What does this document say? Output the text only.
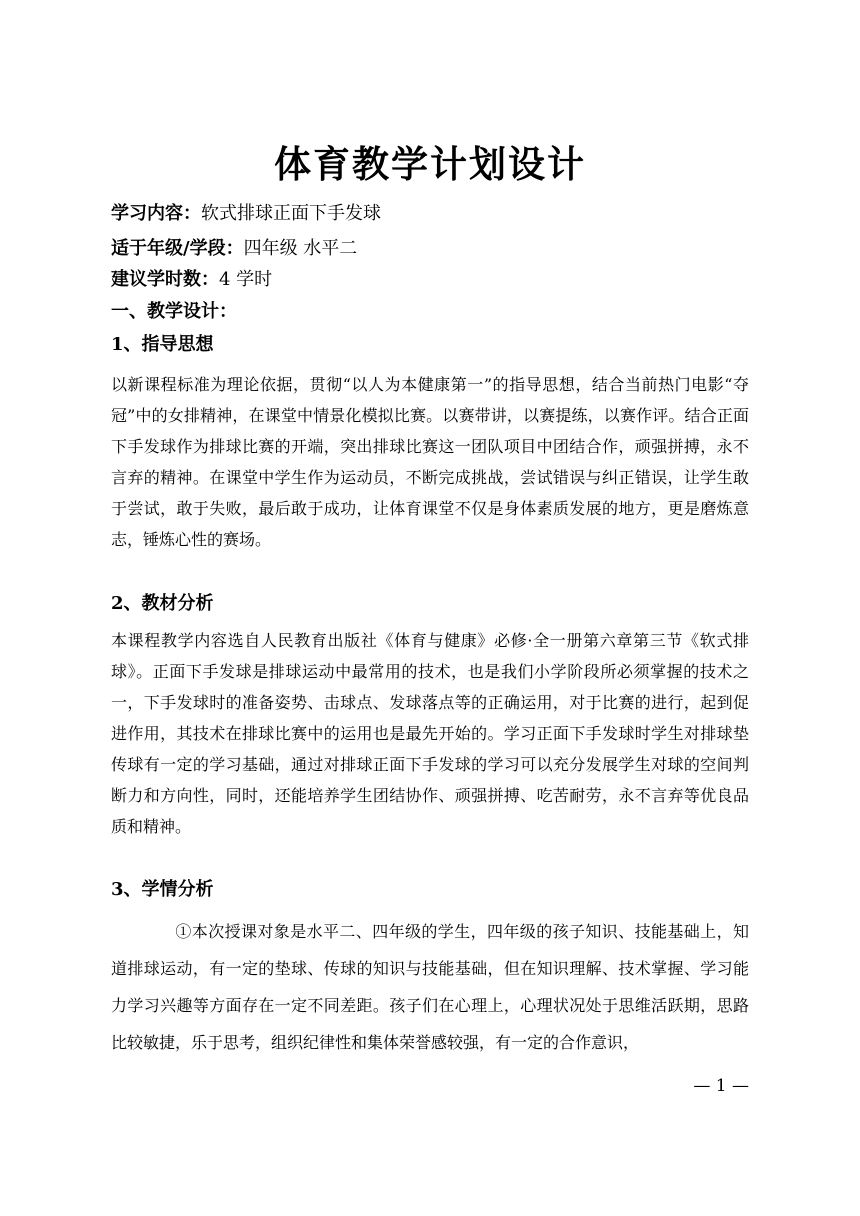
体育教学计划设计
学习内容：软式排球正面下手发球
适于年级/学段：四年级 水平二
建议学时数：4 学时
一、教学设计：
1、指导思想
以新课程标准为理论依据，贯彻“以人为本健康第一”的指导思想，结合当前热门电影“夺冠”中的女排精神，在课堂中情景化模拟比赛。以赛带讲，以赛提练，以赛作评。结合正面下手发球作为排球比赛的开端，突出排球比赛这一团队项目中团结合作，顽强拼搏，永不言弃的精神。在课堂中学生作为运动员，不断完成挑战，尝试错误与纠正错误，让学生敢于尝试，敢于失败，最后敢于成功，让体育课堂不仅是身体素质发展的地方，更是磨炼意志，锤炼心性的赛场。
2、教材分析
本课程教学内容选自人民教育出版社《体育与健康》必修·全一册第六章第三节《软式排球》。正面下手发球是排球运动中最常用的技术，也是我们小学阶段所必须掌握的技术之一，下手发球时的准备姿势、击球点、发球落点等的正确运用，对于比赛的进行，起到促进作用，其技术在排球比赛中的运用也是最先开始的。学习正面下手发球时学生对排球垫传球有一定的学习基础，通过对排球正面下手发球的学习可以充分发展学生对球的空间判断力和方向性，同时，还能培养学生团结协作、顽强拼搏、吃苦耐劳，永不言弃等优良品质和精神。
3、学情分析
①本次授课对象是水平二、四年级的学生，四年级的孩子知识、技能基础上，知道排球运动，有一定的垫球、传球的知识与技能基础，但在知识理解、技术掌握、学习能力学习兴趣等方面存在一定不同差距。孩子们在心理上，心理状况处于思维活跃期，思路比较敏捷，乐于思考，组织纪律性和集体荣誉感较强，有一定的合作意识，
— 1 —
